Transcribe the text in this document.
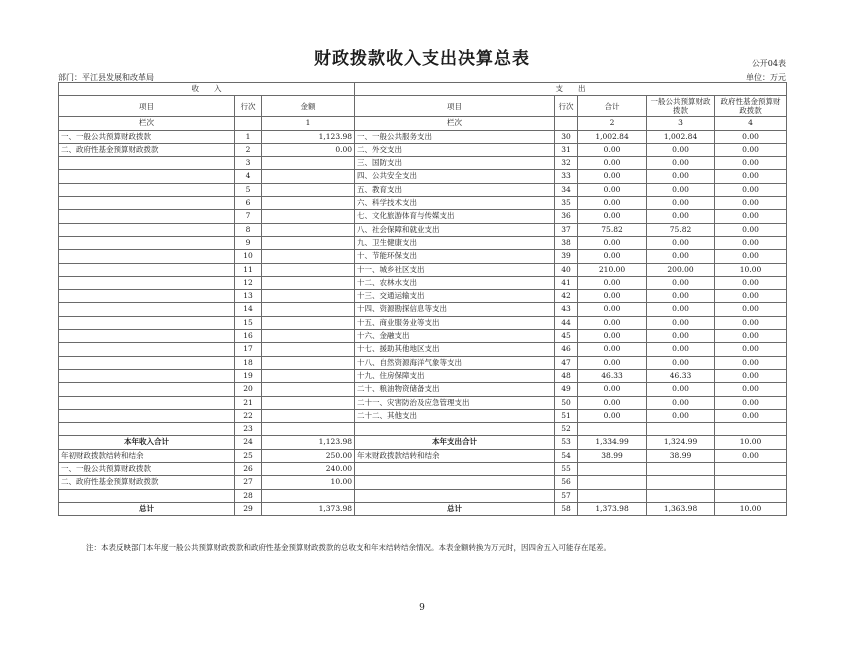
财政拨款收入支出决算总表	公开04表
部门：平江县发展和改革局	单位：万元
收　　入			支　　出				
项目	行次	金额	项目	行次	合计	一般公共预算财政拨款	政府性基金预算财政拨款
栏次		1	栏次		2	3	4
一、一般公共预算财政拨款	1	1,123.98	一、一般公共服务支出	30	1,002.84	1,002.84	0.00
二、政府性基金预算财政拨款	2	0.00	二、外交支出	31	0.00	0.00	0.00
	3		三、国防支出	32	0.00	0.00	0.00
	4		四、公共安全支出	33	0.00	0.00	0.00
	5		五、教育支出	34	0.00	0.00	0.00
	6		六、科学技术支出	35	0.00	0.00	0.00
	7		七、文化旅游体育与传媒支出	36	0.00	0.00	0.00
	8		八、社会保障和就业支出	37	75.82	75.82	0.00
	9		九、卫生健康支出	38	0.00	0.00	0.00
	10		十、节能环保支出	39	0.00	0.00	0.00
	11		十一、城乡社区支出	40	210.00	200.00	10.00
	12		十二、农林水支出	41	0.00	0.00	0.00
	13		十三、交通运输支出	42	0.00	0.00	0.00
	14		十四、资源勘探信息等支出	43	0.00	0.00	0.00
	15		十五、商业服务业等支出	44	0.00	0.00	0.00
	16		十六、金融支出	45	0.00	0.00	0.00
	17		十七、援助其他地区支出	46	0.00	0.00	0.00
	18		十八、自然资源海洋气象等支出	47	0.00	0.00	0.00
	19		十九、住房保障支出	48	46.33	46.33	0.00
	20		二十、粮油物资储备支出	49	0.00	0.00	0.00
	21		二十一、灾害防治及应急管理支出	50	0.00	0.00	0.00
	22		二十二、其他支出	51	0.00	0.00	0.00
	23			52			
本年收入合计	24	1,123.98	本年支出合计	53	1,334.99	1,324.99	10.00
年初财政拨款结转和结余	25	250.00	年末财政拨款结转和结余	54	38.99	38.99	0.00
一、一般公共预算财政拨款	26	240.00		55			
二、政府性基金预算财政拨款	27	10.00		56			
	28			57			
总计	29	1,373.98	总计	58	1,373.98	1,363.98	10.00
注：本表反映部门本年度一般公共预算财政拨款和政府性基金预算财政拨款的总收支和年末结转结余情况。本表金额转换为万元时，因四舍五入可能存在尾差。
9
